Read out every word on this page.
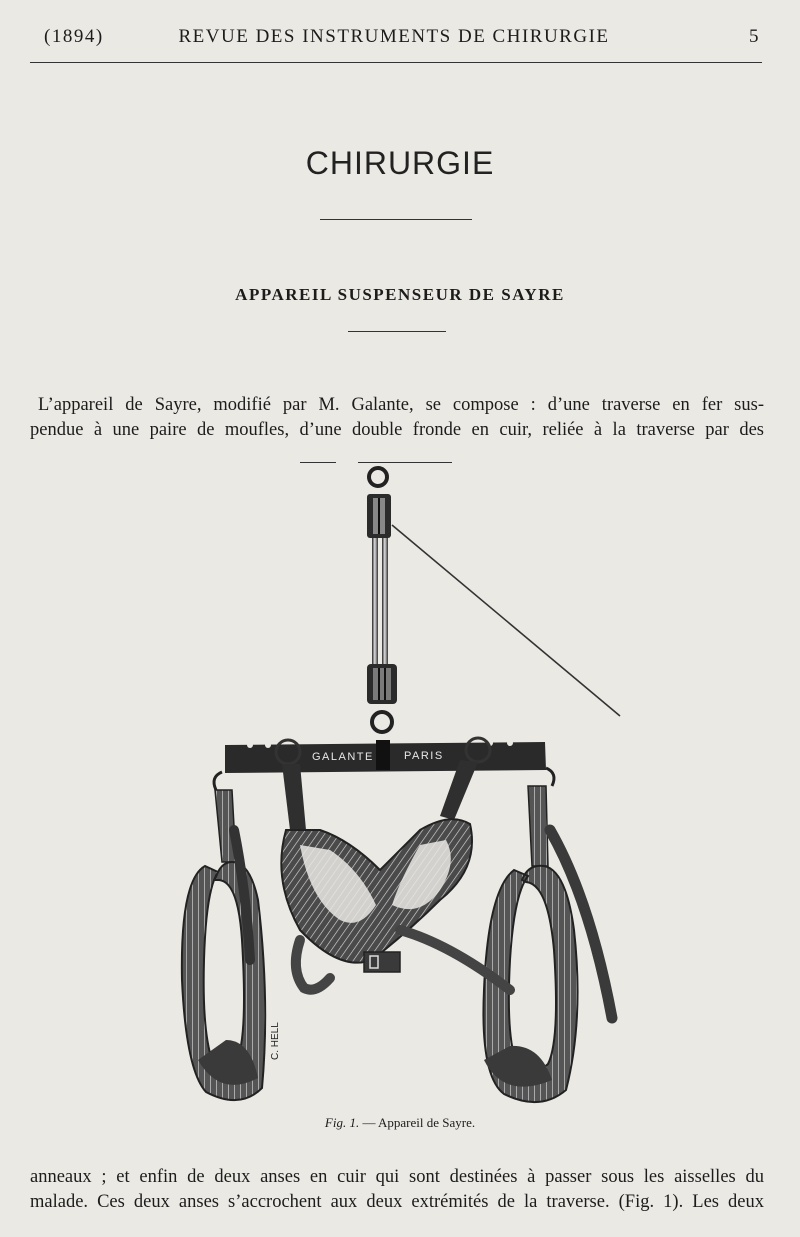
(1894)	REVUE DES INSTRUMENTS DE CHIRURGIE	5
CHIRURGIE
APPAREIL SUSPENSEUR DE SAYRE
L’appareil de Sayre, modifié par M. Galante, se compose : d’une traverse en fer sus-
pendue à une paire de moufles, d’une double fronde en cuir, reliée à la traverse par des
GALANTE	PARIS
C. HELL
Fig. 1. — Appareil de Sayre.
anneaux ; et enfin de deux anses en cuir qui sont destinées à passer sous les aisselles du
malade. Ces deux anses s’accrochent aux deux extrémités de la traverse. (Fig. 1). Les deux
